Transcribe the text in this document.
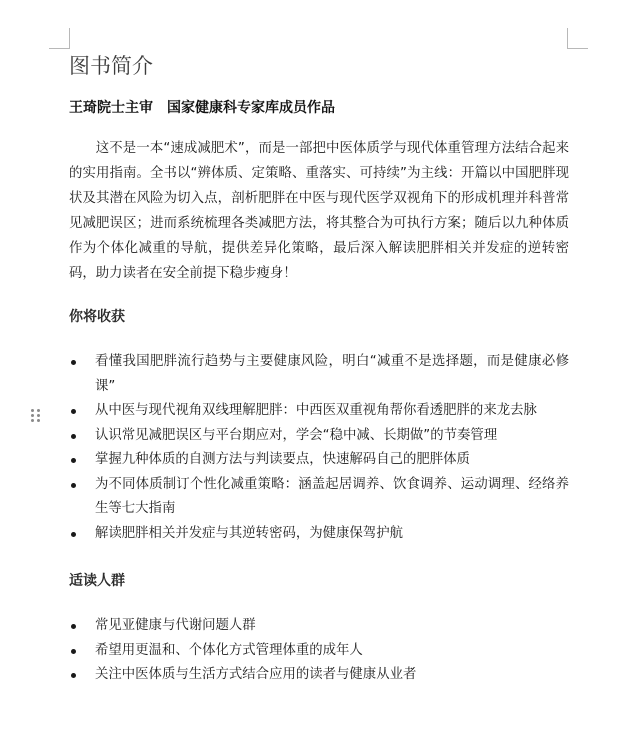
图书简介

王琦院士主审　国家健康科专家库成员作品

这不是一本“速成减肥术”，而是一部把中医体质学与现代体重管理方法结合起来的实用指南。全书以“辨体质、定策略、重落实、可持续”为主线：开篇以中国肥胖现状及其潜在风险为切入点，剖析肥胖在中医与现代医学双视角下的形成机理并科普常见减肥误区；进而系统梳理各类减肥方法，将其整合为可执行方案；随后以九种体质作为个体化减重的导航，提供差异化策略，最后深入解读肥胖相关并发症的逆转密码，助力读者在安全前提下稳步瘦身！

你将收获
看懂我国肥胖流行趋势与主要健康风险，明白“减重不是选择题，而是健康必修课”
从中医与现代视角双线理解肥胖：中西医双重视角帮你看透肥胖的来龙去脉
认识常见减肥误区与平台期应对，学会“稳中减、长期做”的节奏管理
掌握九种体质的自测方法与判读要点，快速解码自己的肥胖体质
为不同体质制订个性化减重策略：涵盖起居调养、饮食调养、运动调理、经络养生等七大指南
解读肥胖相关并发症与其逆转密码，为健康保驾护航
适读人群
常见亚健康与代谢问题人群
希望用更温和、个体化方式管理体重的成年人
关注中医体质与生活方式结合应用的读者与健康从业者
